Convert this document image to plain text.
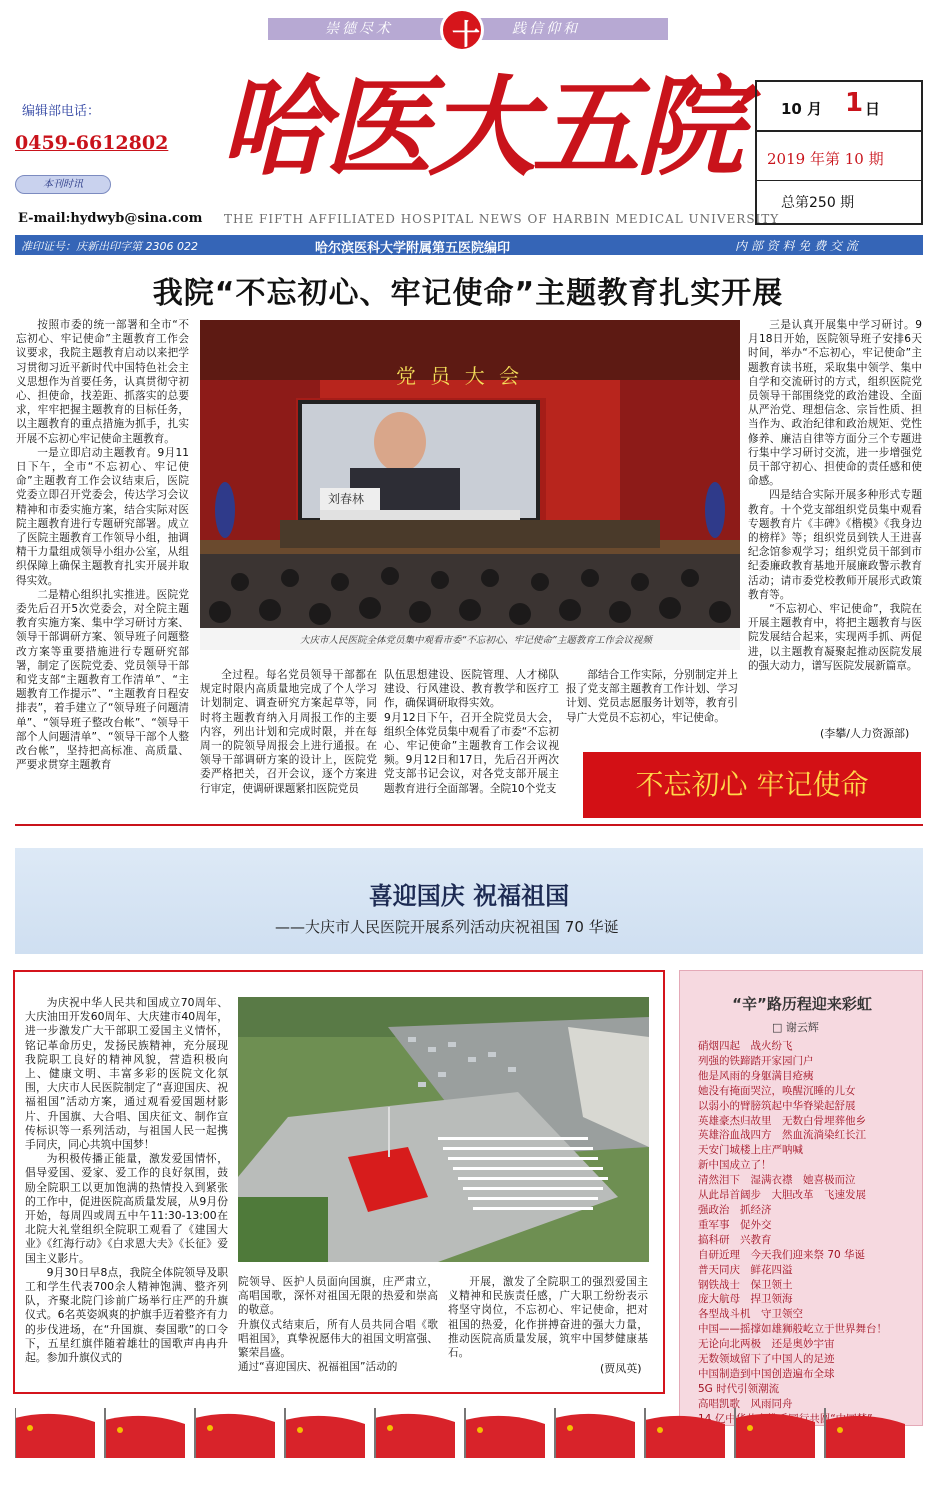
崇德尽术	践信仰和
十
编辑部电话：
0459-6612802
本刊时讯
E-mail:hydwyb@sina.com
哈医大五院
THE FIFTH AFFILIATED HOSPITAL NEWS OF HARBIN MEDICAL UNIVERSITY
10 月 1 日
2019 年第 10 期
总第250 期
准印证号：庆新出印字第 2306 022	哈尔滨医科大学附属第五医院编印	内 部 资 料 免 费 交 流
我院“不忘初心、牢记使命”主题教育扎实开展

按照市委的统一部署和全市“不忘初心、牢记使命”主题教育工作会议要求，我院主题教育启动以来把学习贯彻习近平新时代中国特色社会主义思想作为首要任务，认真贯彻守初心、担使命，找差距、抓落实的总要求，牢牢把握主题教育的目标任务，以主题教育的重点措施为抓手，扎实开展不忘初心牢记使命主题教育。

一是立即启动主题教育。9月11日下午，全市“不忘初心、牢记使命”主题教育工作会议结束后，医院党委立即召开党委会，传达学习会议精神和市委实施方案，结合实际对医院主题教育进行专题研究部署。成立了医院主题教育工作领导小组，抽调精干力量组成领导小组办公室，从组织保障上确保主题教育扎实开展并取得实效。

二是精心组织扎实推进。医院党委先后召开5次党委会，对全院主题教育实施方案、集中学习研讨方案、领导干部调研方案、领导班子问题整改方案等重要措施进行专题研究部署，制定了医院党委、党员领导干部和党支部“主题教育工作清单”、“主题教育工作提示”、“主题教育日程安排表”，着手建立了“领导班子问题清单”、“领导班子整改台帐”、“领导干部个人问题清单”、“领导干部个人整改台帐”，坚持把高标准、高质量、严要求贯穿主题教育

党 员 大 会
刘春林
大庆市人民医院全体党员集中观看市委“不忘初心、牢记使命”主题教育工作会议视频
全过程。每名党员领导干部都在规定时限内高质量地完成了个人学习计划制定、调查研究方案起草等，同时将主题教育纳入月周报工作的主要内容，列出计划和完成时限，并在每周一的院领导周报会上进行通报。在领导干部调研方案的设计上，医院党委严格把关，召开会议，逐个方案进行审定，使调研课题紧扣医院党员
队伍思想建设、医院管理、人才梯队建设、行风建设、教育教学和医疗工作，确保调研取得实效。
9月12日下午，召开全院党员大会，组织全体党员集中观看了市委“不忘初心、牢记使命”主题教育工作会议视频。9月12日和17日，先后召开两次党支部书记会议，对各党支部开展主题教育进行全面部署。全院10个党支
部结合工作实际，分别制定并上报了党支部主题教育工作计划、学习计划、党员志愿服务计划等，教育引导广大党员不忘初心，牢记使命。

三是认真开展集中学习研讨。9月18日开始，医院领导班子安排6天时间，举办“不忘初心，牢记使命”主题教育读书班，采取集中领学、集中自学和交流研讨的方式，组织医院党员领导干部围绕党的政治建设、全面从严治党、理想信念、宗旨性质、担当作为、政治纪律和政治规矩、党性修养、廉洁自律等方面分三个专题进行集中学习研讨交流，进一步增强党员干部守初心、担使命的责任感和使命感。

四是结合实际开展多种形式专题教育。十个党支部组织党员集中观看专题教育片《丰碑》《楷模》《我身边的榜样》等；组织党员到铁人王进喜纪念馆参观学习；组织党员干部到市纪委廉政教育基地开展廉政警示教育活动；请市委党校教师开展形式政策教育等。

“不忘初心、牢记使命”，我院在开展主题教育中，将把主题教育与医院发展结合起来，实现两手抓、两促进，以主题教育凝聚起推动医院发展的强大动力，谱写医院发展新篇章。

(李攀/人力资源部)
不忘初心 牢记使命
喜迎国庆 祝福祖国
——大庆市人民医院开展系列活动庆祝祖国 70 华诞

为庆祝中华人民共和国成立70周年、大庆油田开发60周年、大庆建市40周年，进一步激发广大干部职工爱国主义情怀，铭记革命历史，发扬民族精神，充分展现我院职工良好的精神风貌，营造积极向上、健康文明、丰富多彩的医院文化氛围，大庆市人民医院制定了“喜迎国庆、祝福祖国”活动方案，通过观看爱国题材影片、升国旗、大合唱、国庆征文、制作宣传标识等一系列活动，与祖国人民一起携手同庆，同心共筑中国梦！

为积极传播正能量，激发爱国情怀，倡导爱国、爱家、爱工作的良好氛围，鼓励全院职工以更加饱满的热情投入到紧张的工作中，促进医院高质量发展，从9月份开始，每周四或周五中午11:30-13:00在北院大礼堂组织全院职工观看了《建国大业》《红海行动》《白求恩大夫》《长征》爱国主义影片。

9月30日早8点，我院全体院领导及职工和学生代表700余人精神饱满、整齐列队，齐聚北院门诊前广场举行庄严的升旗仪式。6名英姿飒爽的护旗手迈着整齐有力的步伐进场，在“升国旗、奏国歌”的口令下，五星红旗伴随着雄壮的国歌声冉冉升起。参加升旗仪式的

院领导、医护人员面向国旗，庄严肃立，高唱国歌，深怀对祖国无限的热爱和崇高的敬意。
升旗仪式结束后，所有人员共同合唱《歌唱祖国》，真挚祝愿伟大的祖国文明富强、繁荣昌盛。
通过“喜迎国庆、祝福祖国”活动的
开展，激发了全院职工的强烈爱国主义精神和民族责任感，广大职工纷纷表示将坚守岗位，不忘初心、牢记使命，把对祖国的热爱，化作拼搏奋进的强大力量，推动医院高质量发展，筑牢中国梦健康基石。
(贾凤英)
“辛”路历程迎来彩虹
□ 谢云辉
硝烟四起　战火纷飞
列强的铁蹄踏开家园门户
他是风雨的身躯满目疮痍
她没有掩面哭泣，唤醒沉睡的儿女
以弱小的臂膀筑起中华脊梁起舒展
英雄豪杰归故里　无数白骨埋葬他乡
英雄浴血战四方　然血流淌染红长江
天安门城楼上庄严呐喊
新中国成立了！
清然泪下　湿满衣襟　她喜极而泣
从此昂首阔步　大胆改革　飞速发展
强政治　抓经济
重军事　促外交
搞科研　兴教育
自研近理　今天我们迎来祭 70 华诞
普天同庆　鲜花四溢
钢铁战士　保卫领土
庞大航母　捍卫领海
各型战斗机　守卫领空
中国——摇撑如雄狮般屹立于世界舞台！
无论向北两极　还是奥妙宇宙
无数领域留下了中国人的足迹
中国制造到中国创造遍布全球
5G 时代引领潮流
高唱凯歌　风雨同舟
